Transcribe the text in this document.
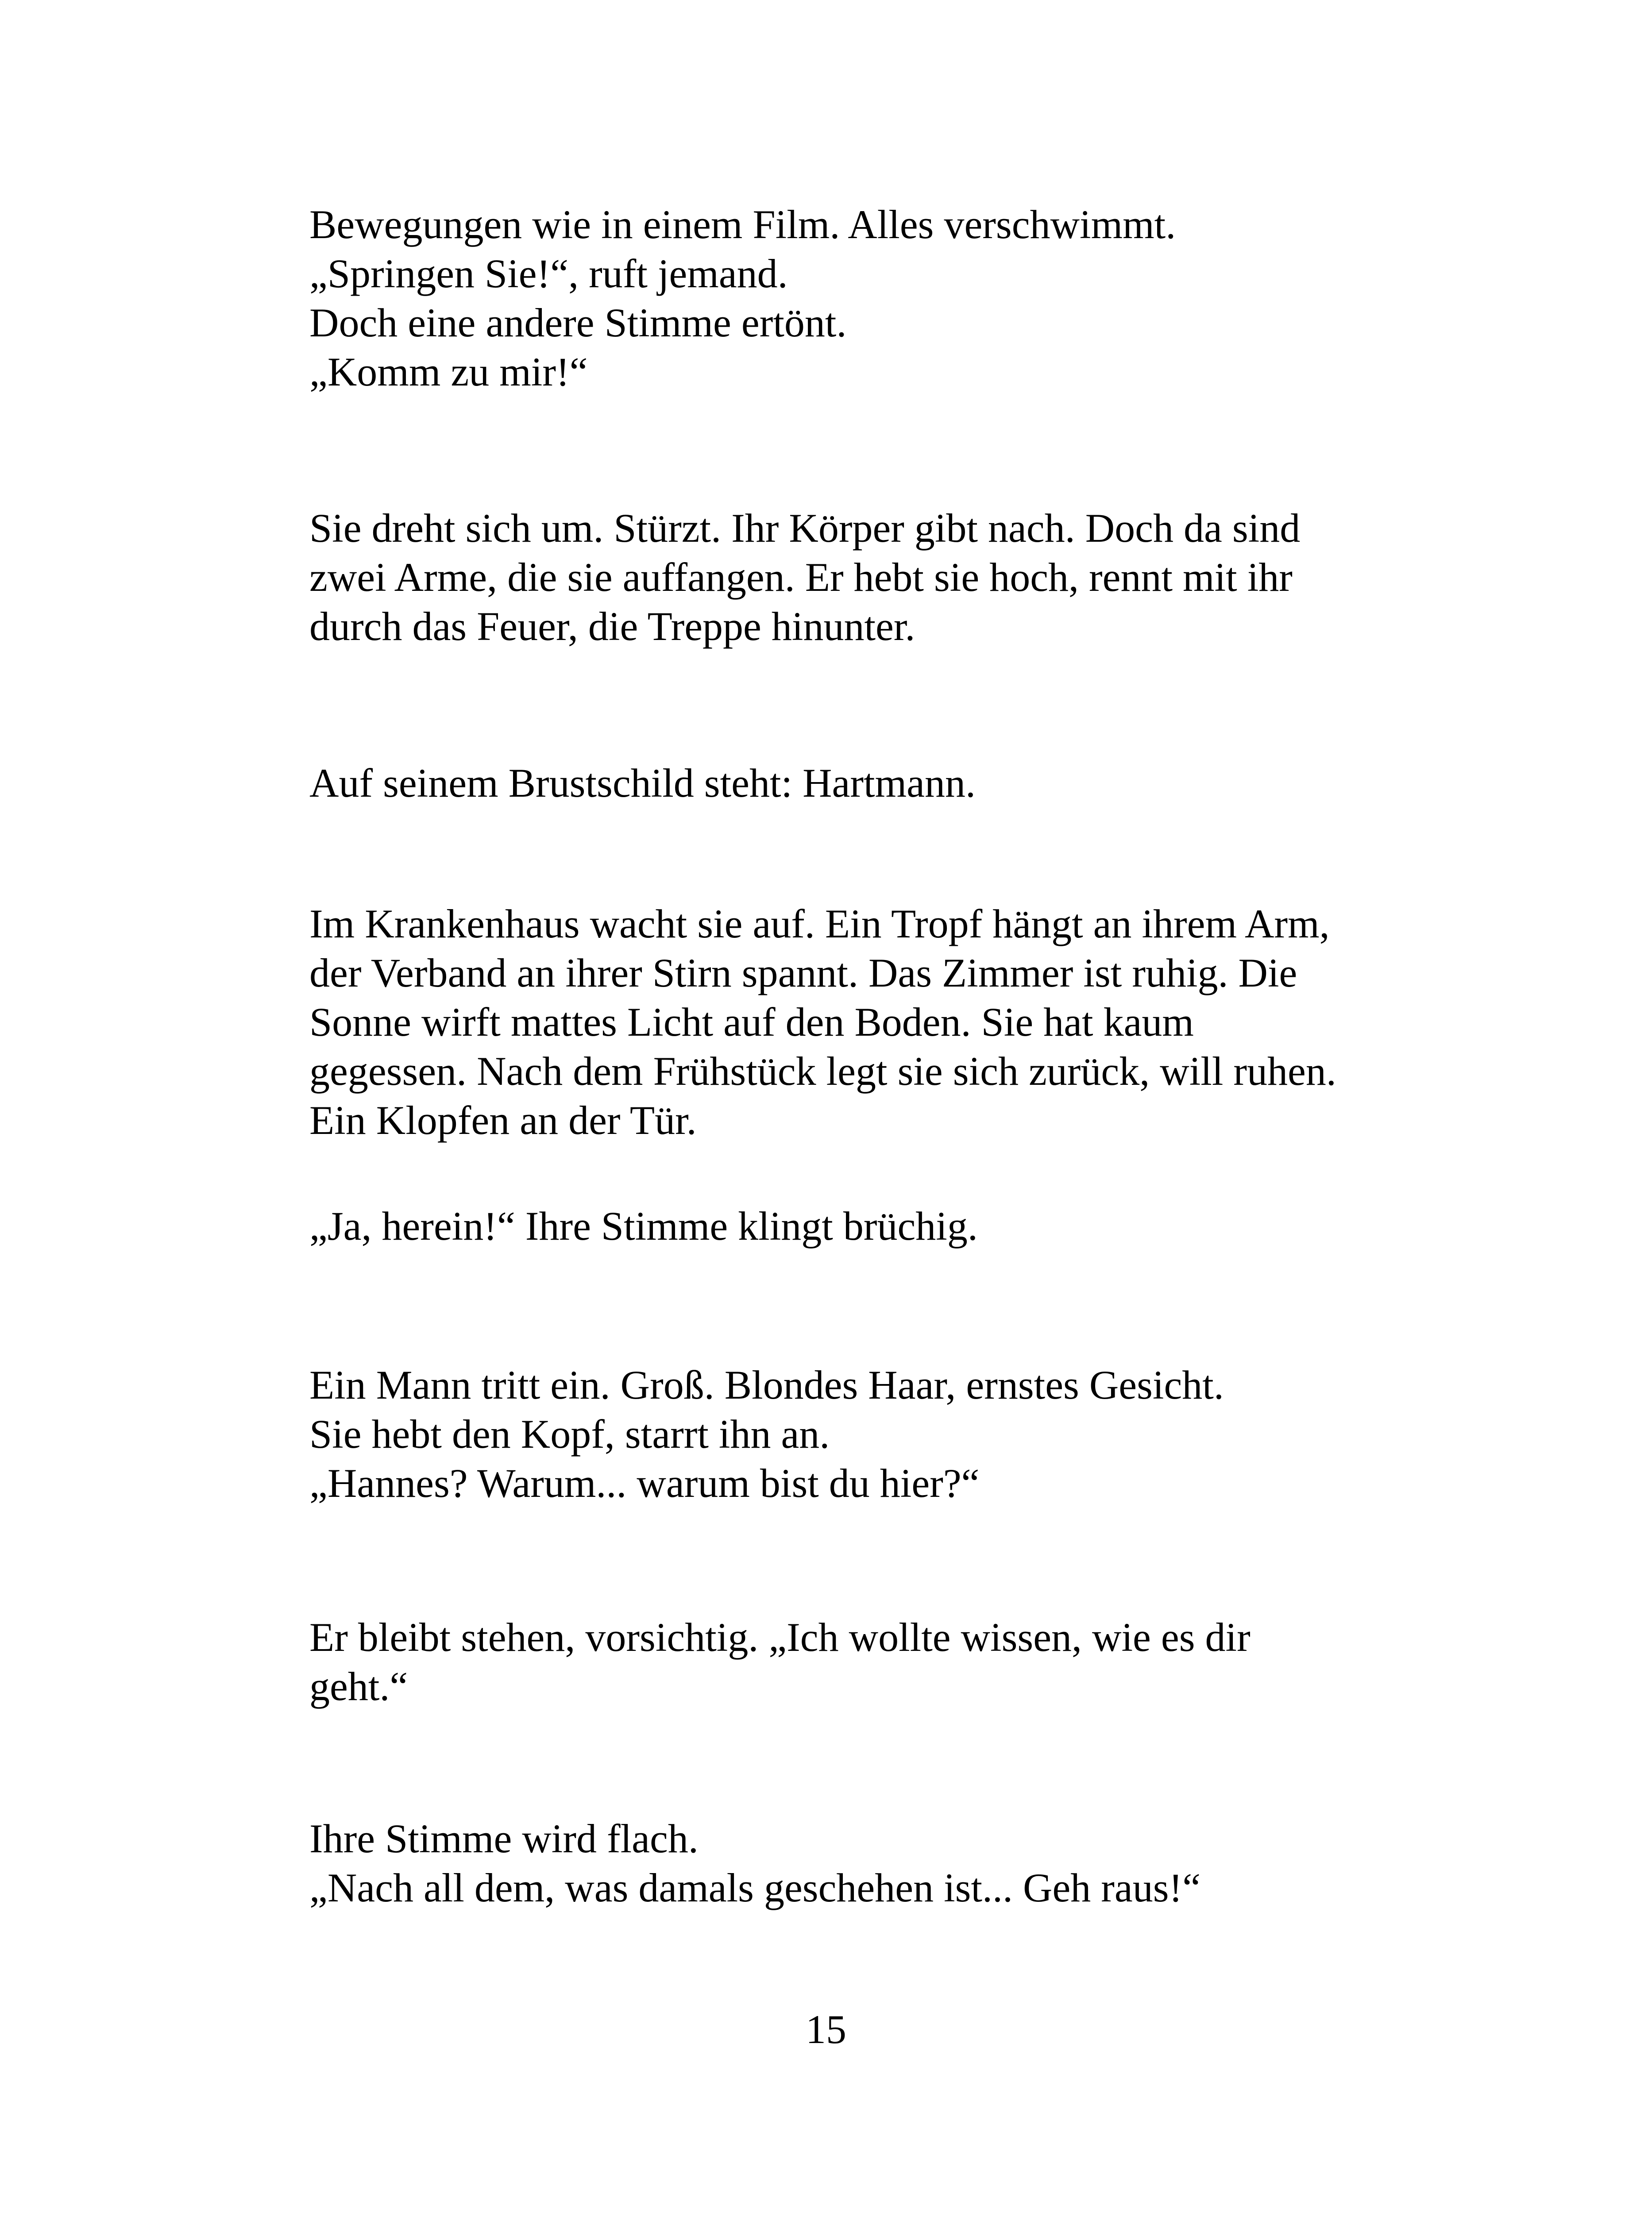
Bewegungen wie in einem Film. Alles verschwimmt.
„Springen Sie!“, ruft jemand.
Doch eine andere Stimme ertönt.
„Komm zu mir!“

Sie dreht sich um. Stürzt. Ihr Körper gibt nach. Doch da sind
zwei Arme, die sie auffangen. Er hebt sie hoch, rennt mit ihr
durch das Feuer, die Treppe hinunter.

Auf seinem Brustschild steht: Hartmann.

Im Krankenhaus wacht sie auf. Ein Tropf hängt an ihrem Arm,
der Verband an ihrer Stirn spannt. Das Zimmer ist ruhig. Die
Sonne wirft mattes Licht auf den Boden. Sie hat kaum
gegessen. Nach dem Frühstück legt sie sich zurück, will ruhen.
Ein Klopfen an der Tür.

„Ja, herein!“ Ihre Stimme klingt brüchig.

Ein Mann tritt ein. Groß. Blondes Haar, ernstes Gesicht.
Sie hebt den Kopf, starrt ihn an.
„Hannes? Warum... warum bist du hier?“

Er bleibt stehen, vorsichtig. „Ich wollte wissen, wie es dir
geht.“

Ihre Stimme wird flach.
„Nach all dem, was damals geschehen ist... Geh raus!“

15
